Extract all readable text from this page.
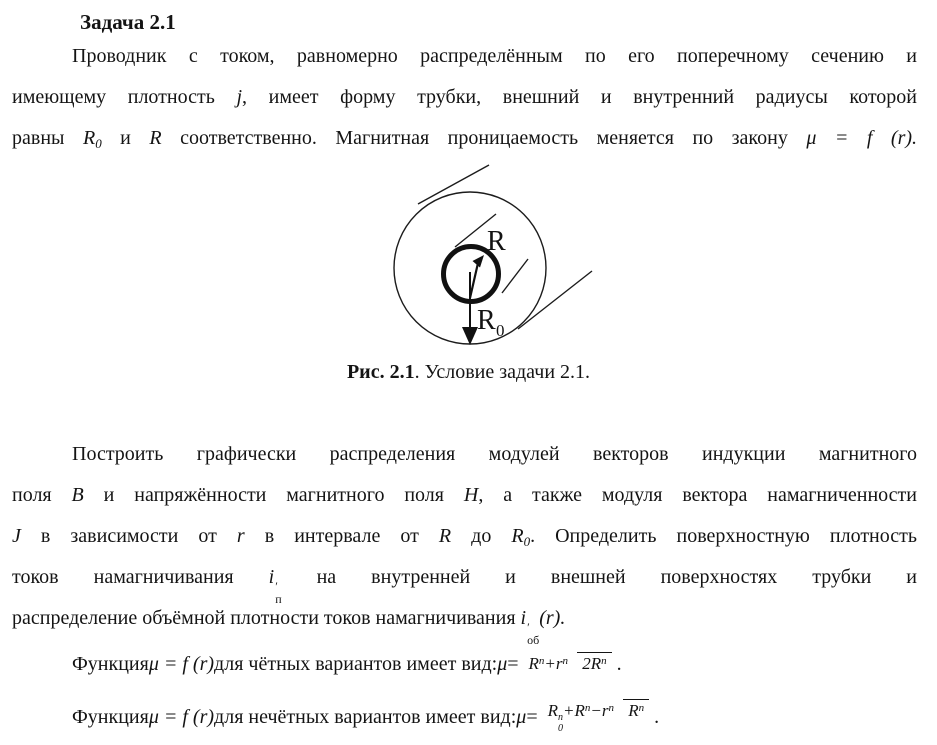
R
R 0
Задача 2.1
Проводник с током, равномерно распределённым по его поперечному сечению и
имеющему плотность j, имеет форму трубки, внешний и внутренний радиусы которой
равны $R_0$ и R соответственно. Магнитная проницаемость меняется по закону μ = f (r).
Рис. 2.1. Условие задачи 2.1.
Построить графически распределения модулей векторов индукции магнитного
поля B и напряжённости магнитного поля H, а также модуля вектора намагниченности
J в зависимости от r в интервале от R до $R_0$. Определить поверхностную плотность
токов намагничивания i ′
п
на внутренней и внешней поверхностях трубки и
распределение объёмной плотности токов намагничивания i ′
об
(r).
Функция μ = f (r) для чётных вариантов имеет вид: $\mu = R^n+r^n$ $2R^n$ .
Функция μ = f (r) для нечётных вариантов имеет вид: μ = R n
0
$+R^n-r^n$ $R^n$ .
